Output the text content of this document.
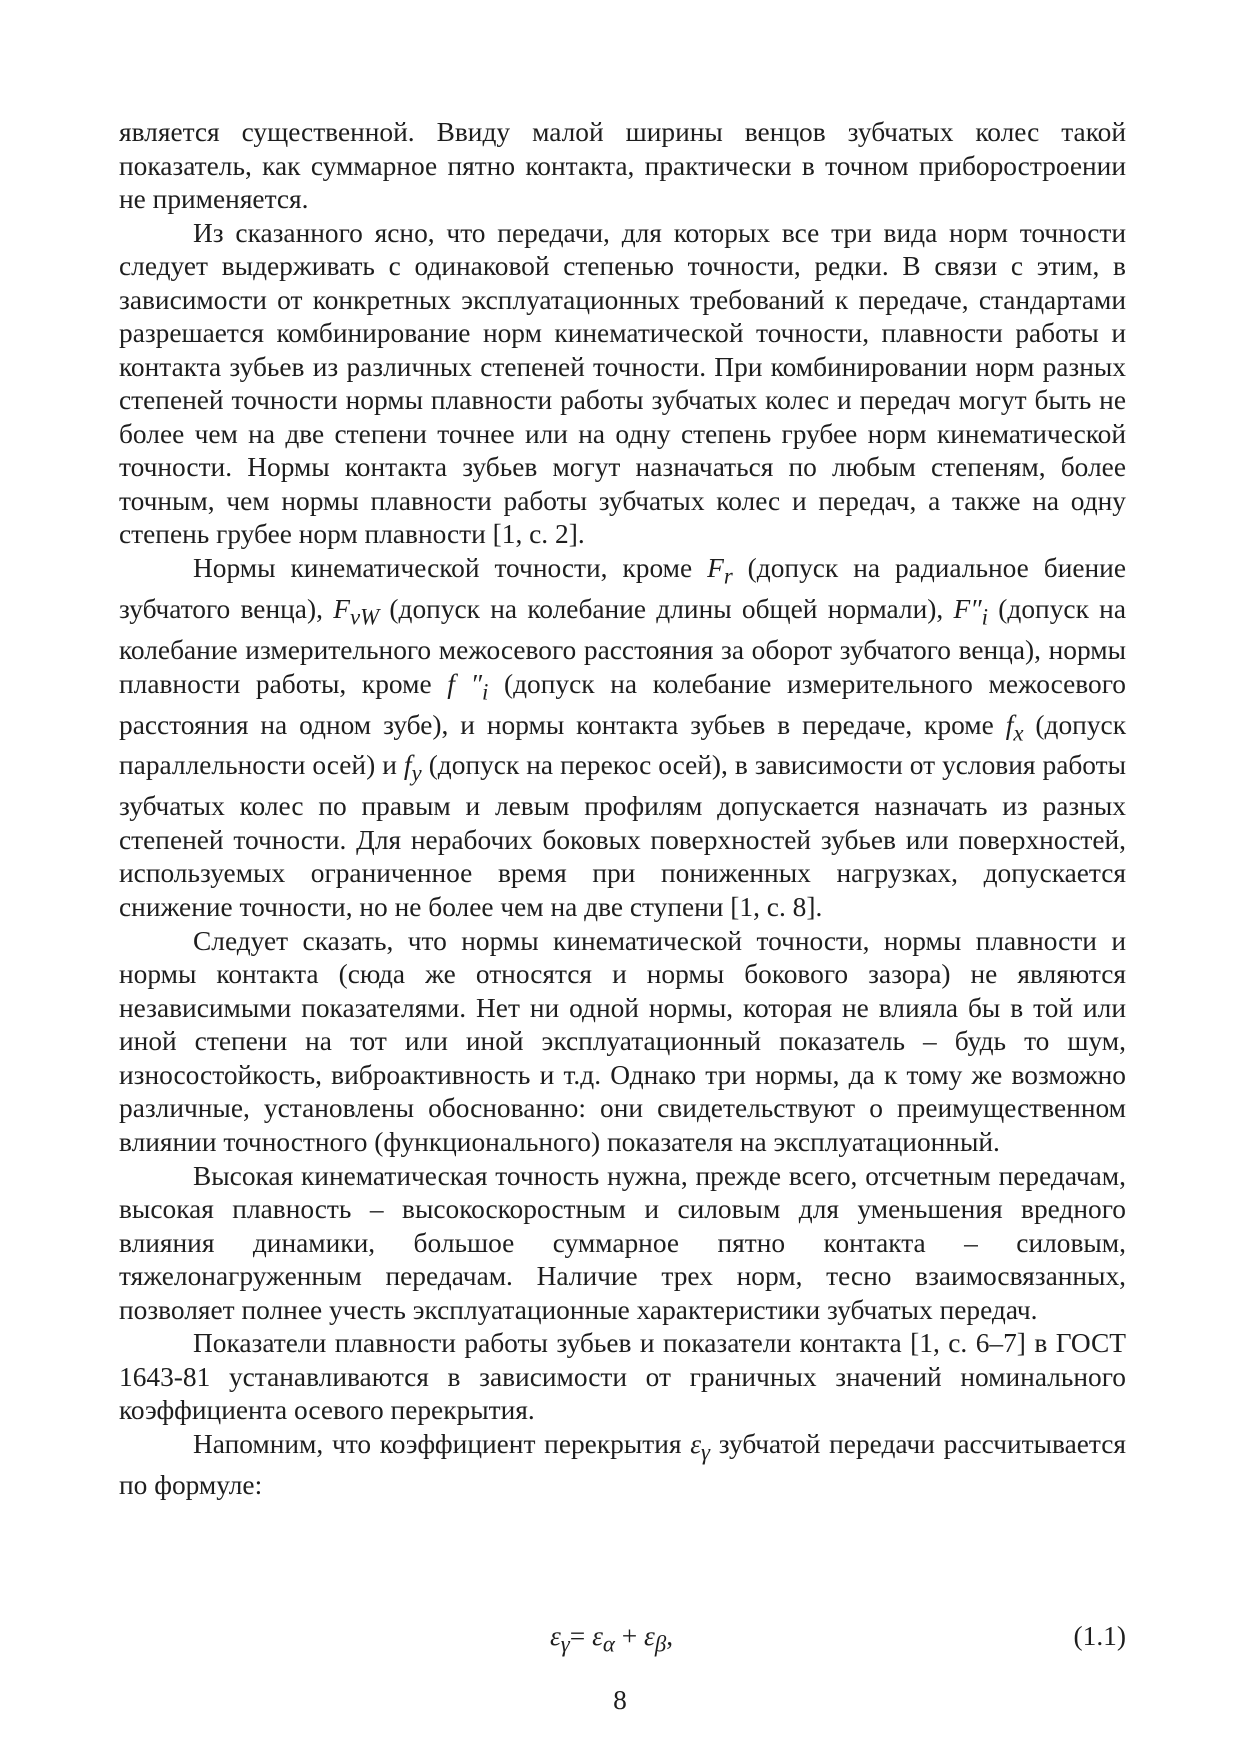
является существенной. Ввиду малой ширины венцов зубчатых колес такой показатель, как суммарное пятно контакта, практически в точном приборостроении не применяется.

Из сказанного ясно, что передачи, для которых все три вида норм точности следует выдерживать с одинаковой степенью точности, редки. В связи с этим, в зависимости от конкретных эксплуатационных требований к передаче, стандартами разрешается комбинирование норм кинематической точности, плавности работы и контакта зубьев из различных степеней точности. При комбинировании норм разных степеней точности нормы плавности работы зубчатых колес и передач могут быть не более чем на две степени точнее или на одну степень грубее норм кинематической точности. Нормы контакта зубьев могут назначаться по любым степеням, более точным, чем нормы плавности работы зубчатых колес и передач, а также на одну степень грубее норм плавности [1, с. 2].

Нормы кинематической точности, кроме $F_r$ (допуск на радиальное биение зубчатого венца), $F_{vW}$ (допуск на колебание длины общей нормали), $F''_i$ (допуск на колебание измерительного межосевого расстояния за оборот зубчатого венца), нормы плавности работы, кроме f $''_i$ (допуск на колебание измерительного межосевого расстояния на одном зубе), и нормы контакта зубьев в передаче, кроме $f_x$ (допуск параллельности осей) и $f_y$ (допуск на перекос осей), в зависимости от условия работы зубчатых колес по правым и левым профилям допускается назначать из разных степеней точности. Для нерабочих боковых поверхностей зубьев или поверхностей, используемых ограниченное время при пониженных нагрузках, допускается снижение точности, но не более чем на две ступени [1, с. 8].

Следует сказать, что нормы кинематической точности, нормы плавности и нормы контакта (сюда же относятся и нормы бокового зазора) не являются независимыми показателями. Нет ни одной нормы, которая не влияла бы в той или иной степени на тот или иной эксплуатационный показатель – будь то шум, износостойкость, виброактивность и т.д. Однако три нормы, да к тому же возможно различные, установлены обоснованно: они свидетельствуют о преимущественном влиянии точностного (функционального) показателя на эксплуатационный.

Высокая кинематическая точность нужна, прежде всего, отсчетным передачам, высокая плавность – высокоскоростным и силовым для уменьшения вредного влияния динамики, большое суммарное пятно контакта – силовым, тяжелонагруженным передачам. Наличие трех норм, тесно взаимосвязанных, позволяет полнее учесть эксплуатационные характеристики зубчатых передач.

Показатели плавности работы зубьев и показатели контакта [1, с. 6–7] в ГОСТ 1643-81 устанавливаются в зависимости от граничных значений номинального коэффициента осевого перекрытия.

Напомним, что коэффициент перекрытия $\varepsilon_\gamma$ зубчатой передачи рассчитывается по формуле:

$\varepsilon_\gamma= \varepsilon_\alpha + \varepsilon_\beta$,	(1.1)
8
